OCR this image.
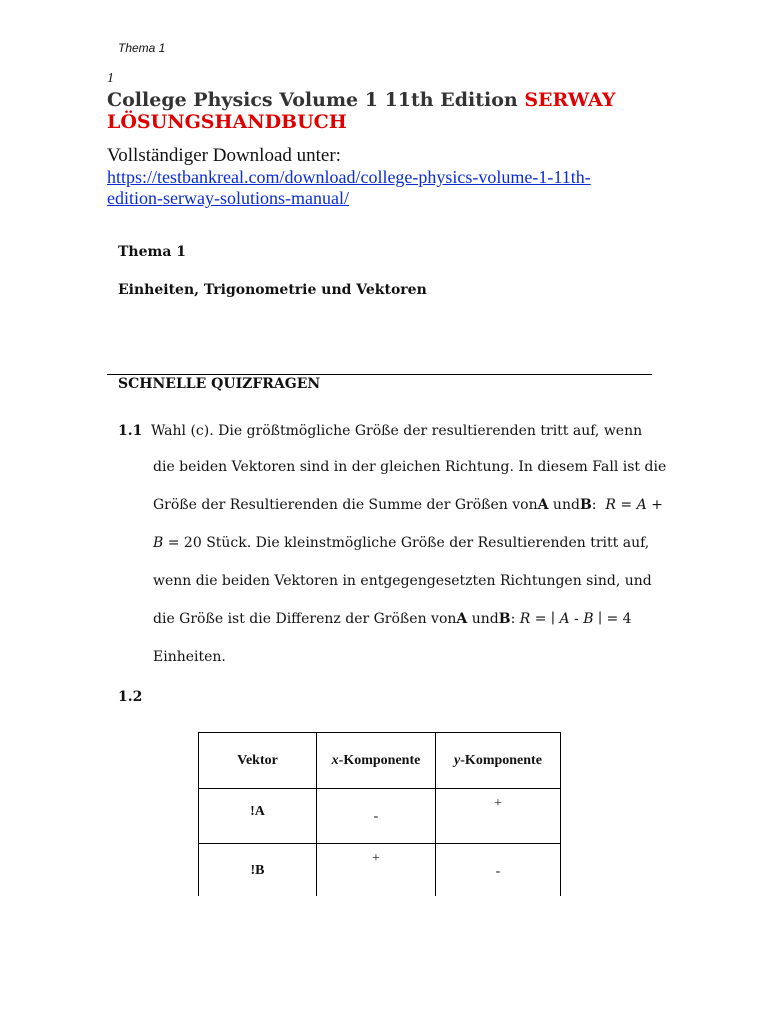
Thema 1
1
College Physics Volume 1 11th Edition SERWAY
LÖSUNGSHANDBUCH
Vollständiger Download unter:
https://testbankreal.com/download/college-physics-volume-1-11th-
edition-serway-solutions-manual/
Thema 1
Einheiten, Trigonometrie und Vektoren
SCHNELLE QUIZFRAGEN
1.1 Wahl (c). Die größtmögliche Größe der resultierenden tritt auf, wenn
die beiden Vektoren sind in der gleichen Richtung. In diesem Fall ist die
Größe der Resultierenden die Summe der Größen vonA undB:  R = A +
B = 20 Stück. Die kleinstmögliche Größe der Resultierenden tritt auf,
wenn die beiden Vektoren in entgegengesetzten Richtungen sind, und
die Größe ist die Differenz der Größen vonA undB: R = ∣ A - B ∣ = 4
Einheiten.
1.2
Vektor	x-Komponente	y-Komponente

!A	-	+

!B	+	-
